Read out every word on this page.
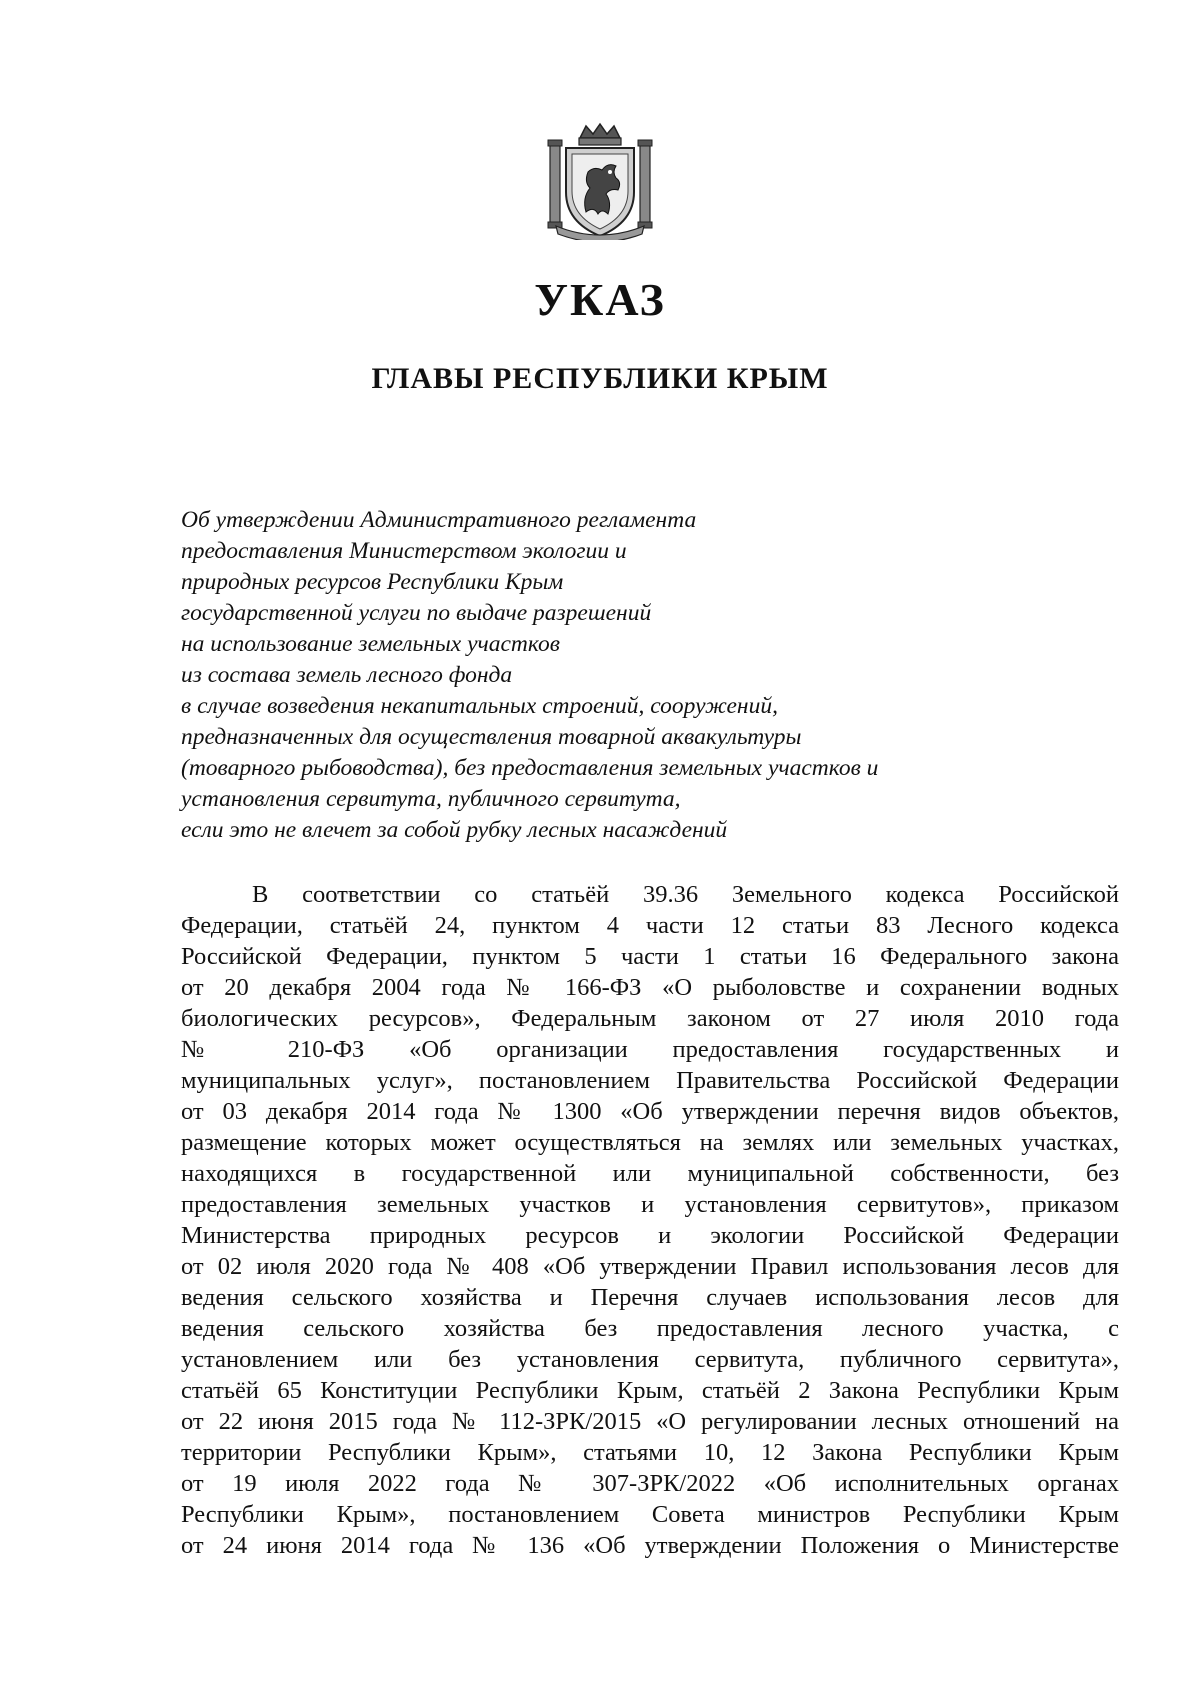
УКАЗ
ГЛАВЫ РЕСПУБЛИКИ КРЫМ
Об утверждении Административного регламента
предоставления Министерством экологии и
природных ресурсов Республики Крым
государственной услуги по выдаче разрешений
на использование земельных участков
из состава земель лесного фонда
в случае возведения некапитальных строений, сооружений,
предназначенных для осуществления товарной аквакультуры
(товарного рыбоводства), без предоставления земельных участков и
установления сервитута, публичного сервитута,
если это не влечет за собой рубку лесных насаждений
В соответствии со статьёй 39.36 Земельного кодекса Российской
Федерации, статьёй 24, пунктом 4 части 12 статьи 83 Лесного кодекса
Российской Федерации, пунктом 5 части 1 статьи 16 Федерального закона
от 20 декабря 2004 года № 166-ФЗ «О рыболовстве и сохранении водных
биологических ресурсов», Федеральным законом от 27 июля 2010 года
№ 210-ФЗ «Об организации предоставления государственных и
муниципальных услуг», постановлением Правительства Российской Федерации
от 03 декабря 2014 года № 1300 «Об утверждении перечня видов объектов,
размещение которых может осуществляться на землях или земельных участках,
находящихся в государственной или муниципальной собственности, без
предоставления земельных участков и установления сервитутов», приказом
Министерства природных ресурсов и экологии Российской Федерации
от 02 июля 2020 года № 408 «Об утверждении Правил использования лесов для
ведения сельского хозяйства и Перечня случаев использования лесов для
ведения сельского хозяйства без предоставления лесного участка, с
установлением или без установления сервитута, публичного сервитута»,
статьёй 65 Конституции Республики Крым, статьёй 2 Закона Республики Крым
от 22 июня 2015 года № 112-ЗРК/2015 «О регулировании лесных отношений на
территории Республики Крым», статьями 10, 12 Закона Республики Крым
от 19 июля 2022 года № 307-ЗРК/2022 «Об исполнительных органах
Республики Крым», постановлением Совета министров Республики Крым
от 24 июня 2014 года № 136 «Об утверждении Положения о Министерстве
